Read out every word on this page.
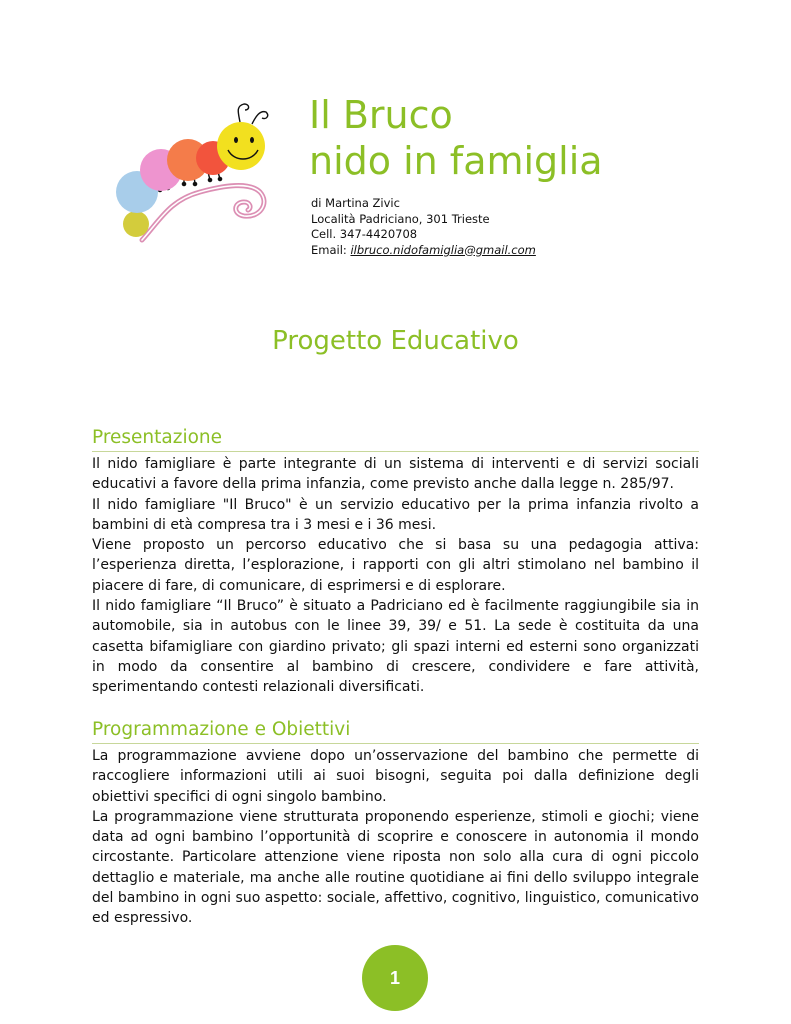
Il Bruco
nido in famiglia
di Martina Zivic
Località Padriciano, 301 Trieste
Cell. 347-4420708
Email: ilbruco.nidofamiglia@gmail.com
Progetto Educativo
Presentazione

Il nido famigliare è parte integrante di un sistema di interventi e di servizi sociali educativi a favore della prima infanzia, come previsto anche dalla legge n. 285/97.

Il nido famigliare "Il Bruco" è un servizio educativo per la prima infanzia rivolto a bambini di età compresa tra i 3 mesi e i 36 mesi.

Viene proposto un percorso educativo che si basa su una pedagogia attiva: l’esperienza diretta, l’esplorazione, i rapporti con gli altri stimolano nel bambino il piacere di fare, di comunicare, di esprimersi e di esplorare.

Il nido famigliare “Il Bruco” è situato a Padriciano ed è facilmente raggiungibile sia in automobile, sia in autobus con le linee 39, 39/ e 51. La sede è costituita da una casetta bifamigliare con giardino privato; gli spazi interni ed esterni sono organizzati in modo da consentire al bambino di crescere, condividere e fare attività, sperimentando contesti relazionali diversificati.

Programmazione e Obiettivi

La programmazione avviene dopo un’osservazione del bambino che permette di raccogliere informazioni utili ai suoi bisogni, seguita poi dalla definizione degli obiettivi specifici di ogni singolo bambino.

La programmazione viene strutturata proponendo esperienze, stimoli e giochi; viene data ad ogni bambino l’opportunità di scoprire e conoscere in autonomia il mondo circostante. Particolare attenzione viene riposta non solo alla cura di ogni piccolo dettaglio e materiale, ma anche alle routine quotidiane ai fini dello sviluppo integrale del bambino in ogni suo aspetto: sociale, affettivo, cognitivo, linguistico, comunicativo ed espressivo.

1
